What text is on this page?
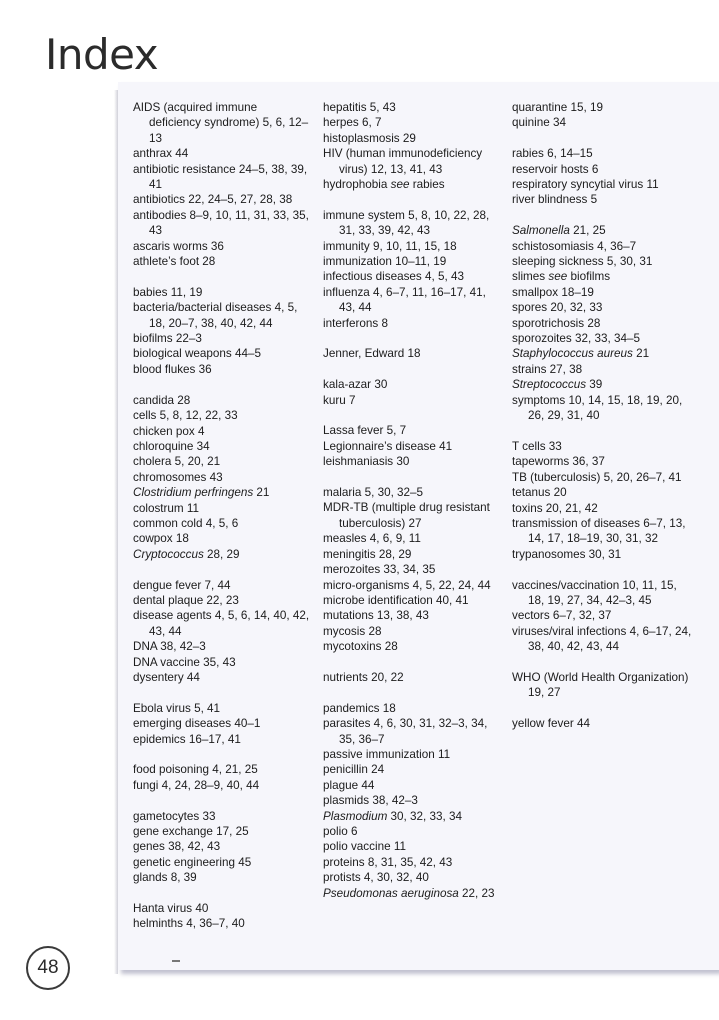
Index
AIDS (acquired immune deficiency syndrome) 5, 6, 12–13
anthrax 44
antibiotic resistance 24–5, 38, 39, 41
antibiotics 22, 24–5, 27, 28, 38
antibodies 8–9, 10, 11, 31, 33, 35, 43
ascaris worms 36
athlete’s foot 28
babies 11, 19
bacteria/bacterial diseases 4, 5, 18, 20–7, 38, 40, 42, 44
biofilms 22–3
biological weapons 44–5
blood flukes 36
candida 28
cells 5, 8, 12, 22, 33
chicken pox 4
chloroquine 34
cholera 5, 20, 21
chromosomes 43
Clostridium perfringens 21
colostrum 11
common cold 4, 5, 6
cowpox 18
Cryptococcus 28, 29
dengue fever 7, 44
dental plaque 22, 23
disease agents 4, 5, 6, 14, 40, 42, 43, 44
DNA 38, 42–3
DNA vaccine 35, 43
dysentery 44
Ebola virus 5, 41
emerging diseases 40–1
epidemics 16–17, 41
food poisoning 4, 21, 25
fungi 4, 24, 28–9, 40, 44
gametocytes 33
gene exchange 17, 25
genes 38, 42, 43
genetic engineering 45
glands 8, 39
Hanta virus 40
helminths 4, 36–7, 40
hepatitis 5, 43
herpes 6, 7
histoplasmosis 29
HIV (human immunodeficiency virus) 12, 13, 41, 43
hydrophobia see rabies
immune system 5, 8, 10, 22, 28, 31, 33, 39, 42, 43
immunity 9, 10, 11, 15, 18
immunization 10–11, 19
infectious diseases 4, 5, 43
influenza 4, 6–7, 11, 16–17, 41, 43, 44
interferons 8
Jenner, Edward 18
kala-azar 30
kuru 7
Lassa fever 5, 7
Legionnaire’s disease 41
leishmaniasis 30
malaria 5, 30, 32–5
MDR-TB (multiple drug resistant tuberculosis) 27
measles 4, 6, 9, 11
meningitis 28, 29
merozoites 33, 34, 35
micro-organisms 4, 5, 22, 24, 44
microbe identification 40, 41
mutations 13, 38, 43
mycosis 28
mycotoxins 28
nutrients 20, 22
pandemics 18
parasites 4, 6, 30, 31, 32–3, 34, 35, 36–7
passive immunization 11
penicillin 24
plague 44
plasmids 38, 42–3
Plasmodium 30, 32, 33, 34
polio 6
polio vaccine 11
proteins 8, 31, 35, 42, 43
protists 4, 30, 32, 40
Pseudomonas aeruginosa 22, 23
quarantine 15, 19
quinine 34
rabies 6, 14–15
reservoir hosts 6
respiratory syncytial virus 11
river blindness 5
Salmonella 21, 25
schistosomiasis 4, 36–7
sleeping sickness 5, 30, 31
slimes see biofilms
smallpox 18–19
spores 20, 32, 33
sporotrichosis 28
sporozoites 32, 33, 34–5
Staphylococcus aureus 21
strains 27, 38
Streptococcus 39
symptoms 10, 14, 15, 18, 19, 20, 26, 29, 31, 40
T cells 33
tapeworms 36, 37
TB (tuberculosis) 5, 20, 26–7, 41
tetanus 20
toxins 20, 21, 42
transmission of diseases 6–7, 13, 14, 17, 18–19, 30, 31, 32
trypanosomes 30, 31
vaccines/vaccination 10, 11, 15, 18, 19, 27, 34, 42–3, 45
vectors 6–7, 32, 37
viruses/viral infections 4, 6–17, 24, 38, 40, 42, 43, 44
WHO (World Health Organization) 19, 27
yellow fever 44
48
